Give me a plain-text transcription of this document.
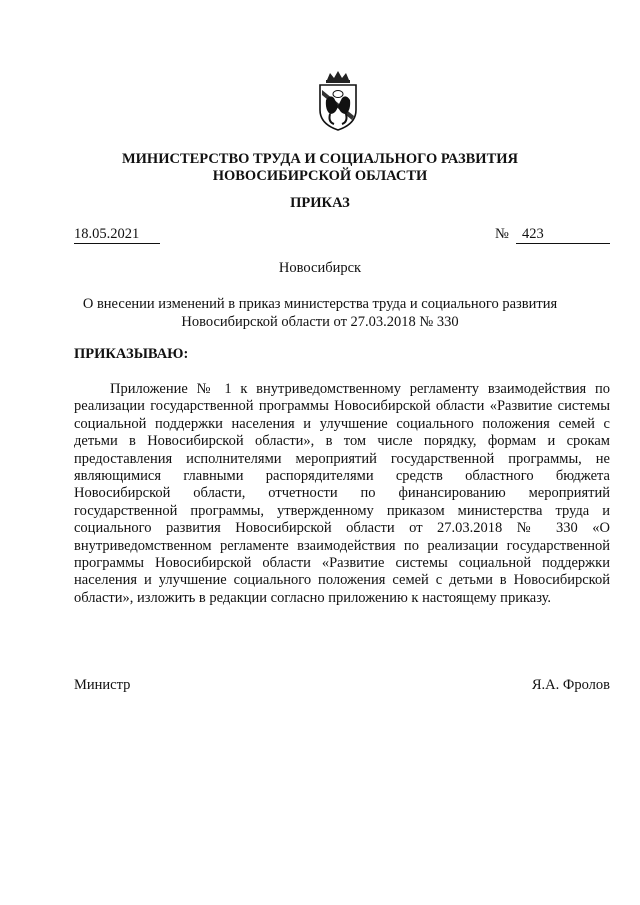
МИНИСТЕРСТВО ТРУДА И СОЦИАЛЬНОГО РАЗВИТИЯ
НОВОСИБИРСКОЙ ОБЛАСТИ
ПРИКАЗ
18.05.2021	№ 423
Новосибирск
О внесении изменений в приказ министерства труда и социального развития
Новосибирской области от 27.03.2018 № 330
ПРИКАЗЫВАЮ:
Приложение № 1 к внутриведомственному регламенту взаимодействия по реализации государственной программы Новосибирской области «Развитие системы социальной поддержки населения и улучшение социального положения семей с детьми в Новосибирской области», в том числе порядку, формам и срокам предоставления исполнителями мероприятий государственной программы, не являющимися главными распорядителями средств областного бюджета Новосибирской области, отчетности по финансированию мероприятий государственной программы, утвержденному приказом министерства труда и социального развития Новосибирской области от 27.03.2018 № 330 «О внутриведомственном регламенте взаимодействия по реализации государственной программы Новосибирской области «Развитие системы социальной поддержки населения и улучшение социального положения семей с детьми в Новосибирской области», изложить в редакции согласно приложению к настоящему приказу.
Министр	Я.А. Фролов
